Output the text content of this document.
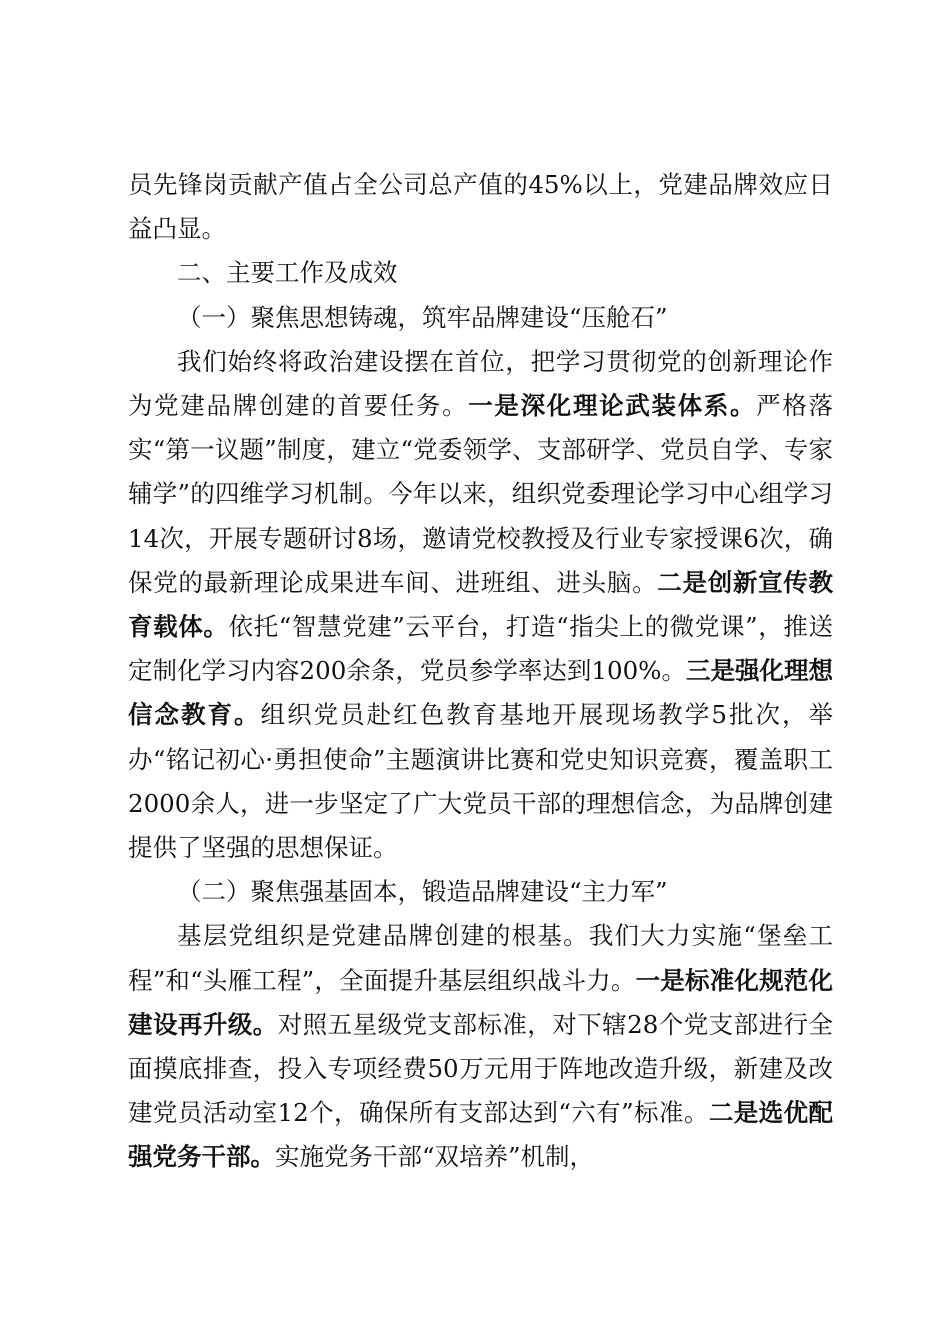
员先锋岗贡献产值占全公司总产值的45%以上，党建品牌效应日益凸显。

二、主要工作及成效

（一）聚焦思想铸魂，筑牢品牌建设“压舱石”

我们始终将政治建设摆在首位，把学习贯彻党的创新理论作为党建品牌创建的首要任务。一是深化理论武装体系。严格落实“第一议题”制度，建立“党委领学、支部研学、党员自学、专家辅学”的四维学习机制。今年以来，组织党委理论学习中心组学习14次，开展专题研讨8场，邀请党校教授及行业专家授课6次，确保党的最新理论成果进车间、进班组、进头脑。二是创新宣传教育载体。依托“智慧党建”云平台，打造“指尖上的微党课”，推送定制化学习内容200余条，党员参学率达到100%。三是强化理想信念教育。组织党员赴红色教育基地开展现场教学5批次，举办“铭记初心·勇担使命”主题演讲比赛和党史知识竞赛，覆盖职工2000余人，进一步坚定了广大党员干部的理想信念，为品牌创建提供了坚强的思想保证。

（二）聚焦强基固本，锻造品牌建设“主力军”

基层党组织是党建品牌创建的根基。我们大力实施“堡垒工程”和“头雁工程”，全面提升基层组织战斗力。一是标准化规范化建设再升级。对照五星级党支部标准，对下辖28个党支部进行全面摸底排查，投入专项经费50万元用于阵地改造升级，新建及改建党员活动室12个，确保所有支部达到“六有”标准。二是选优配强党务干部。实施党务干部“双培养”机制，
